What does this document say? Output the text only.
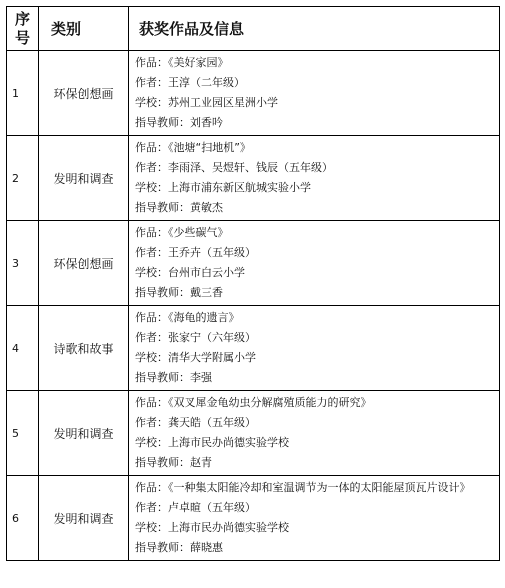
序号	类别	获奖作品及信息
1	环保创想画	作品：《美好家园》
作者：王淳（二年级）
学校：苏州工业园区星洲小学
指导教师：刘香吟

2	发明和调查	作品：《池塘“扫地机”》
作者：李雨泽、吴煜轩、钱辰（五年级）
学校：上海市浦东新区航城实验小学
指导教师：黄敏杰

3	环保创想画	作品：《少些碳气》
作者：王乔卉（五年级）
学校：台州市白云小学
指导教师：戴三香

4	诗歌和故事	作品：《海龟的遗言》
作者：张家宁（六年级）
学校：清华大学附属小学
指导教师：李强

5	发明和调查	作品：《双叉犀金龟幼虫分解腐殖质能力的研究》
作者：龚天皓（五年级）
学校：上海市民办尚德实验学校
指导教师：赵青

6	发明和调查	作品：《一种集太阳能冷却和室温调节为一体的太阳能屋顶瓦片设计》
作者：卢卓暄（五年级）
学校：上海市民办尚德实验学校
指导教师：薛晓惠
